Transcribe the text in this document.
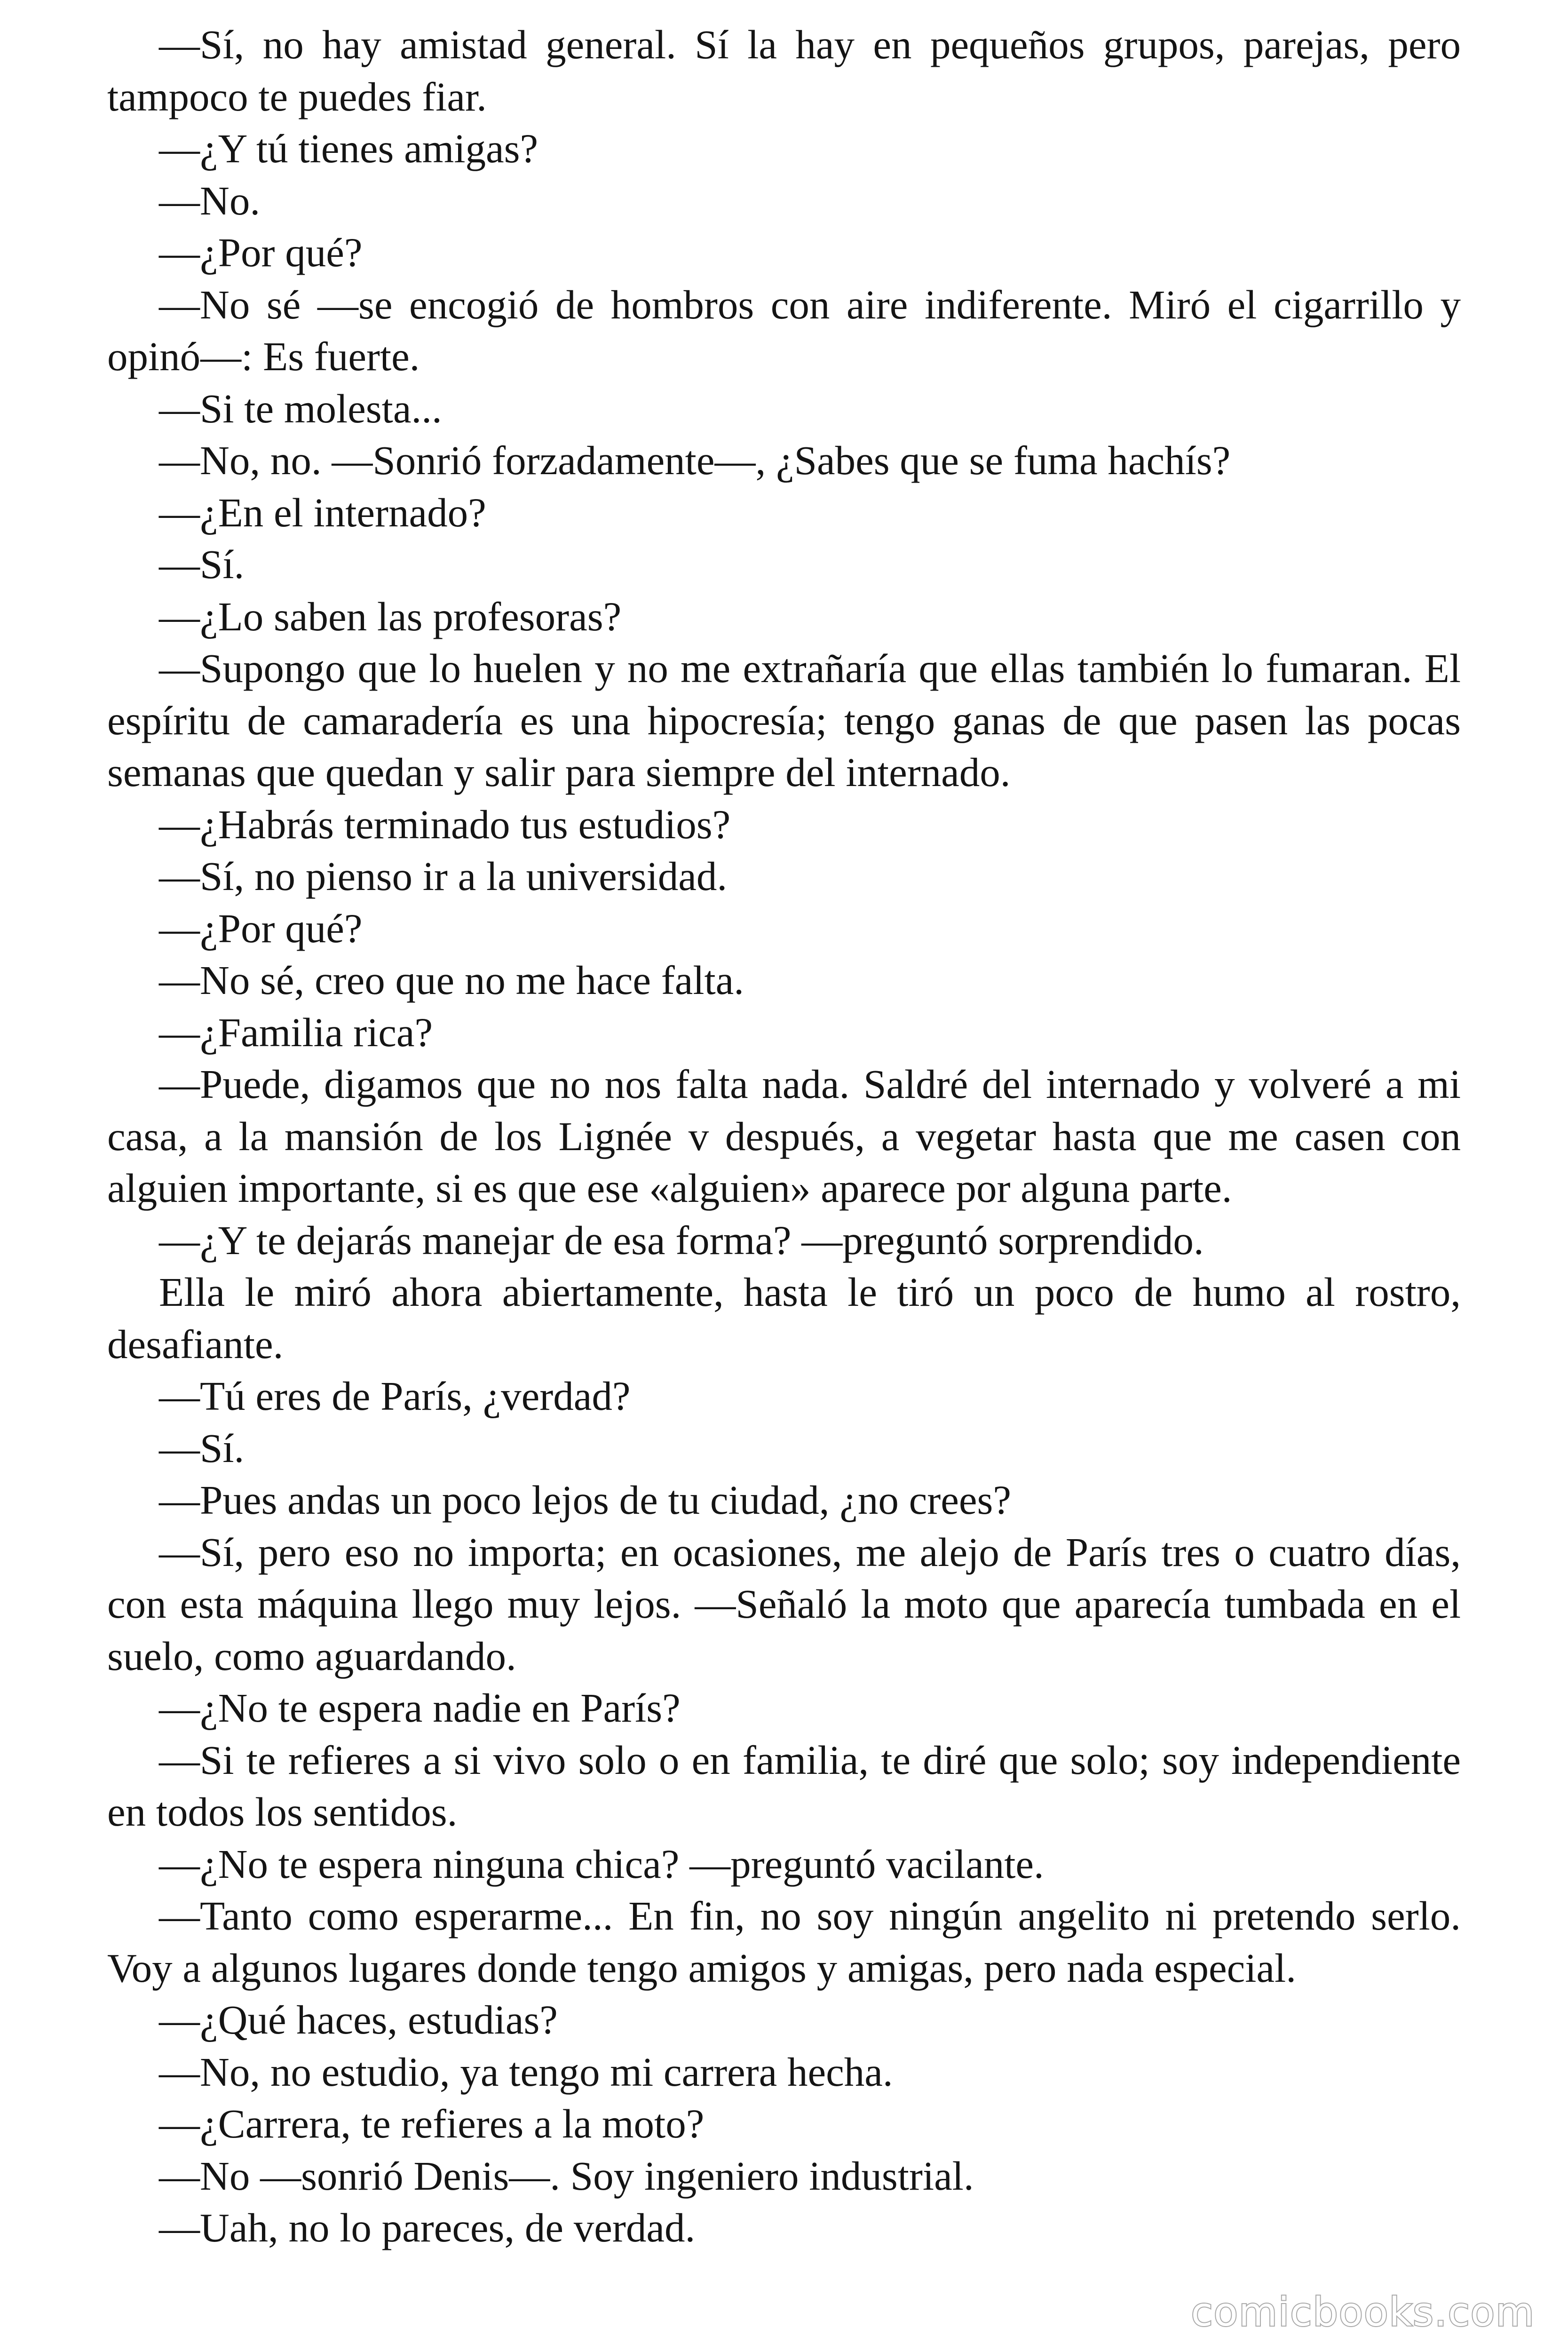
—Sí, no hay amistad general. Sí la hay en pequeños grupos, parejas, pero tampoco te puedes fiar.

—¿Y tú tienes amigas?

—No.

—¿Por qué?

—No sé —se encogió de hombros con aire indiferente. Miró el cigarrillo y opinó—: Es fuerte.

—Si te molesta...

—No, no. —Sonrió forzadamente—, ¿Sabes que se fuma hachís?

—¿En el internado?

—Sí.

—¿Lo saben las profesoras?

—Supongo que lo huelen y no me extrañaría que ellas también lo fumaran. El espíritu de camaradería es una hipocresía; tengo ganas de que pasen las pocas semanas que quedan y salir para siempre del internado.

—¿Habrás terminado tus estudios?

—Sí, no pienso ir a la universidad.

—¿Por qué?

—No sé, creo que no me hace falta.

—¿Familia rica?

—Puede, digamos que no nos falta nada. Saldré del internado y volveré a mi casa, a la mansión de los Lignée v después, a vegetar hasta que me casen con alguien importante, si es que ese «alguien» aparece por alguna parte.

—¿Y te dejarás manejar de esa forma? —preguntó sorprendido.

Ella le miró ahora abiertamente, hasta le tiró un poco de humo al rostro, desafiante.

—Tú eres de París, ¿verdad?

—Sí.

—Pues andas un poco lejos de tu ciudad, ¿no crees?

—Sí, pero eso no importa; en ocasiones, me alejo de París tres o cuatro días, con esta máquina llego muy lejos. —Señaló la moto que aparecía tumbada en el suelo, como aguardando.

—¿No te espera nadie en París?

—Si te refieres a si vivo solo o en familia, te diré que solo; soy independiente en todos los sentidos.

—¿No te espera ninguna chica? —preguntó vacilante.

—Tanto como esperarme... En fin, no soy ningún angelito ni pretendo serlo. Voy a algunos lugares donde tengo amigos y amigas, pero nada especial.

—¿Qué haces, estudias?

—No, no estudio, ya tengo mi carrera hecha.

—¿Carrera, te refieres a la moto?

—No —sonrió Denis—. Soy ingeniero industrial.

—Uah, no lo pareces, de verdad.

comicbooks.com
